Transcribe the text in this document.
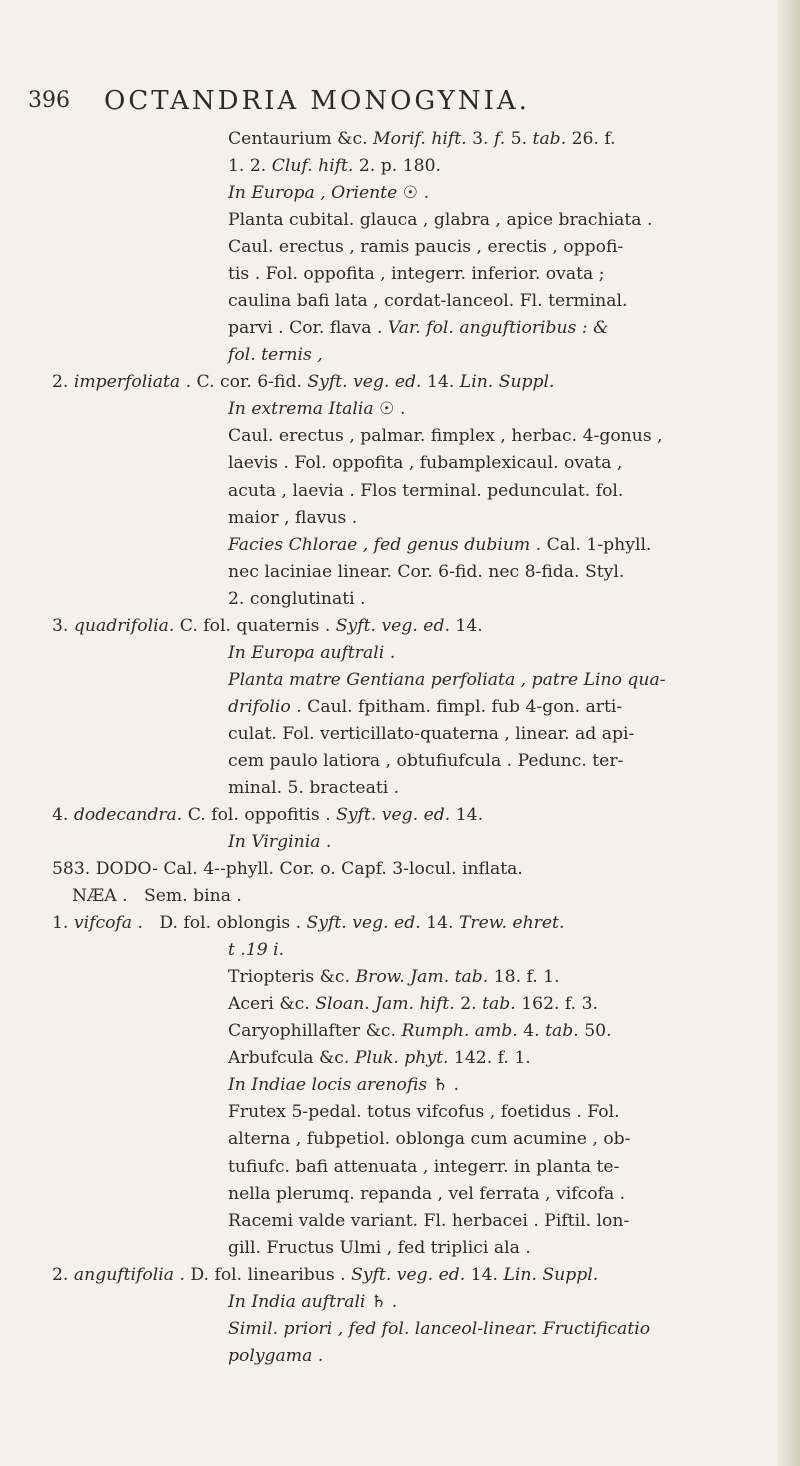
396 OCTANDRIA MONOGYNIA.
Centaurium &c. Morif. hift. 3. f. 5. tab. 26. f.
1. 2. Cluf. hift. 2. p. 180.
In Europa , Oriente ☉ .
Planta cubital. glauca , glabra , apice brachiata .
Caul. erectus , ramis paucis , erectis , oppofi-
tis . Fol. oppofita , integerr. inferior. ovata ;
caulina bafi lata , cordat-lanceol. Fl. terminal.
parvi . Cor. flava . Var. fol. anguftioribus : &
fol. ternis ,
2. imperfoliata . C. cor. 6-fid. Syft. veg. ed. 14. Lin. Suppl.
In extrema Italia ☉ .
Caul. erectus , palmar. fimplex , herbac. 4-gonus ,
laevis . Fol. oppofita , fubamplexicaul. ovata ,
acuta , laevia . Flos terminal. pedunculat. fol.
maior , flavus .
Facies Chlorae , fed genus dubium . Cal. 1-phyll.
nec laciniae linear. Cor. 6-fid. nec 8-fida. Styl.
2. conglutinati .
3. quadrifolia. C. fol. quaternis . Syft. veg. ed. 14.
In Europa auftrali .
Planta matre Gentiana perfoliata , patre Lino qua-
drifolio . Caul. fpitham. fimpl. fub 4-gon. arti-
culat. Fol. verticillato-quaterna , linear. ad api-
cem paulo latiora , obtufiufcula . Pedunc. ter-
minal. 5. bracteati .
4. dodecandra. C. fol. oppofitis . Syft. veg. ed. 14.
In Virginia .
583. DODO- Cal. 4--phyll. Cor. o. Capf. 3-locul. inflata.
NÆA .   Sem. bina .
1. vifcofa .   D. fol. oblongis . Syft. veg. ed. 14. Trew. ehret.
t .19 i.
Triopteris &c. Brow. Jam. tab. 18. f. 1.
Aceri &c. Sloan. Jam. hift. 2. tab. 162. f. 3.
Caryophillafter &c. Rumph. amb. 4. tab. 50.
Arbufcula &c. Pluk. phyt. 142. f. 1.
In Indiae locis arenofis ♄ .
Frutex 5-pedal. totus vifcofus , foetidus . Fol.
alterna , fubpetiol. oblonga cum acumine , ob-
tufiufc. bafi attenuata , integerr. in planta te-
nella plerumq. repanda , vel ferrata , vifcofa .
Racemi valde variant. Fl. herbacei . Piftil. lon-
gill. Fructus Ulmi , fed triplici ala .
2. anguftifolia . D. fol. linearibus . Syft. veg. ed. 14. Lin. Suppl.
In India auftrali ♄ .
Simil. priori , fed fol. lanceol-linear. Fructificatio
polygama .
